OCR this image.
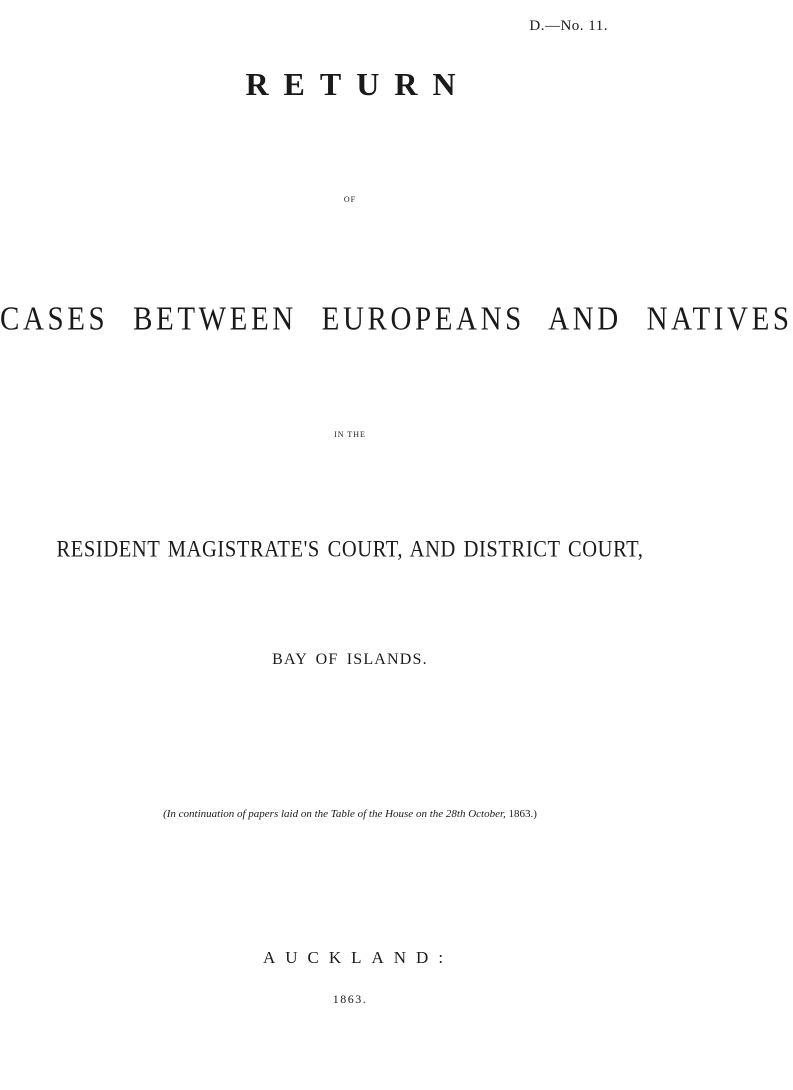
D.—No. 11.
RETURN
OF
CASES BETWEEN EUROPEANS AND NATIVES
IN THE
RESIDENT MAGISTRATE'S COURT, AND DISTRICT COURT,
BAY OF ISLANDS.
(In continuation of papers laid on the Table of the House on the 28th October, 1863.)
AUCKLAND:
1863.
